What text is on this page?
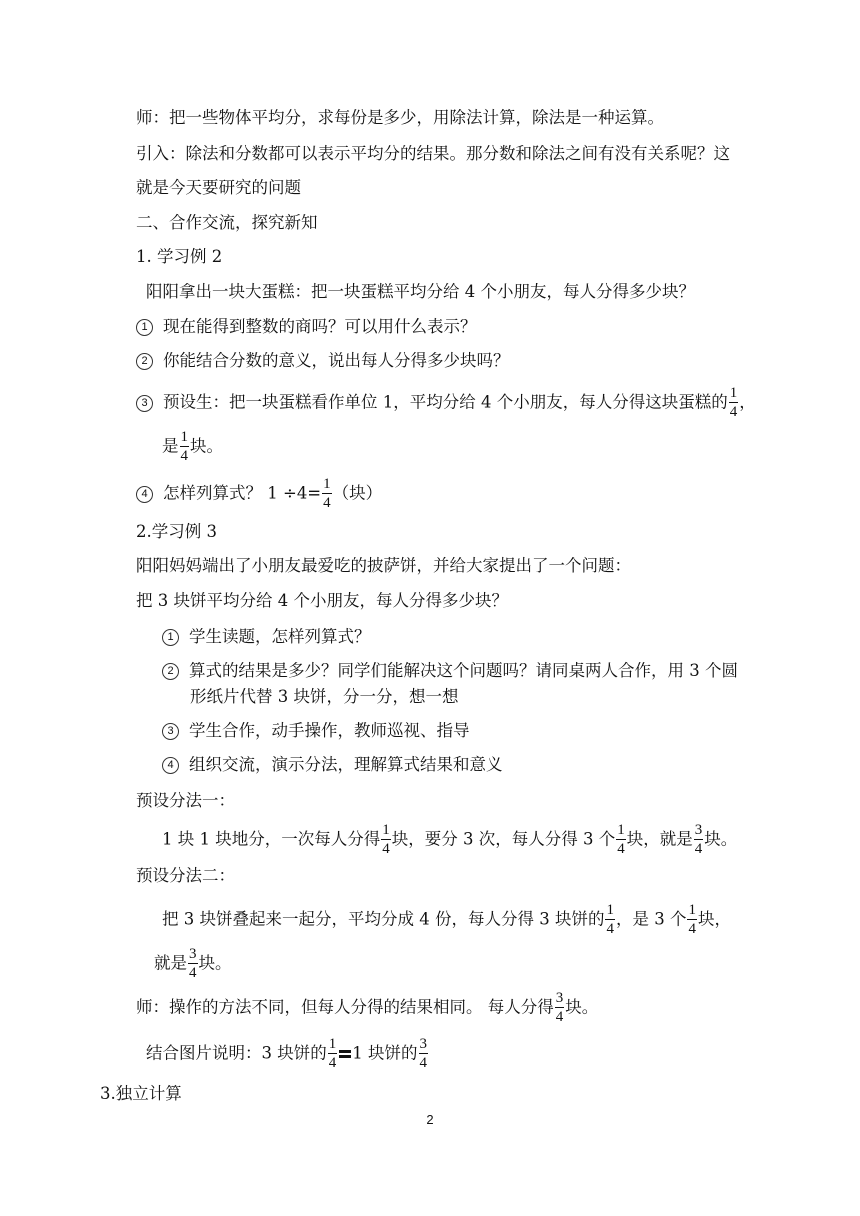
师：把一些物体平均分，求每份是多少，用除法计算，除法是一种运算。
引入：除法和分数都可以表示平均分的结果。那分数和除法之间有没有关系呢？这
就是今天要研究的问题
二、合作交流，探究新知
1. 学习例 2
阳阳拿出一块大蛋糕：把一块蛋糕平均分给 4 个小朋友，每人分得多少块？
1 现在能得到整数的商吗？可以用什么表示？
2 你能结合分数的意义，说出每人分得多少块吗？
3 预设生：把一块蛋糕看作单位 1，平均分给 4 个小朋友，每人分得这块蛋糕的 $\frac{1}{4}$ ，
是 $\frac{1}{4}$ 块。
4 怎样列算式？ $1 \div 4= \frac{1}{4}$ （块）
2.学习例 3
阳阳妈妈端出了小朋友最爱吃的披萨饼，并给大家提出了一个问题：
把 3 块饼平均分给 4 个小朋友，每人分得多少块？
1 学生读题，怎样列算式？
2 算式的结果是多少？同学们能解决这个问题吗？请同桌两人合作，用 3 个圆
形纸片代替 3 块饼，分一分，想一想
3 学生合作，动手操作，教师巡视、指导
4 组织交流，演示分法，理解算式结果和意义
预设分法一：
1 块 1 块地分，一次每人分得 $\frac{1}{4}$ 块，要分 3 次，每人分得 3 个 $\frac{1}{4}$ 块，就是 $\frac{3}{4}$ 块。
预设分法二：
把 3 块饼叠起来一起分，平均分成 4 份，每人分得 3 块饼的 $\frac{1}{4}$ ，是 3 个 $\frac{1}{4}$ 块，
就是 $\frac{3}{4}$ 块。
师：操作的方法不同，但每人分得的结果相同。 每人分得 $\frac{3}{4}$ 块。
结合图片说明：3 块饼的 $\frac{1}{4} 1$ 块饼的 $\frac{3}{4}$
3.独立计算
2
